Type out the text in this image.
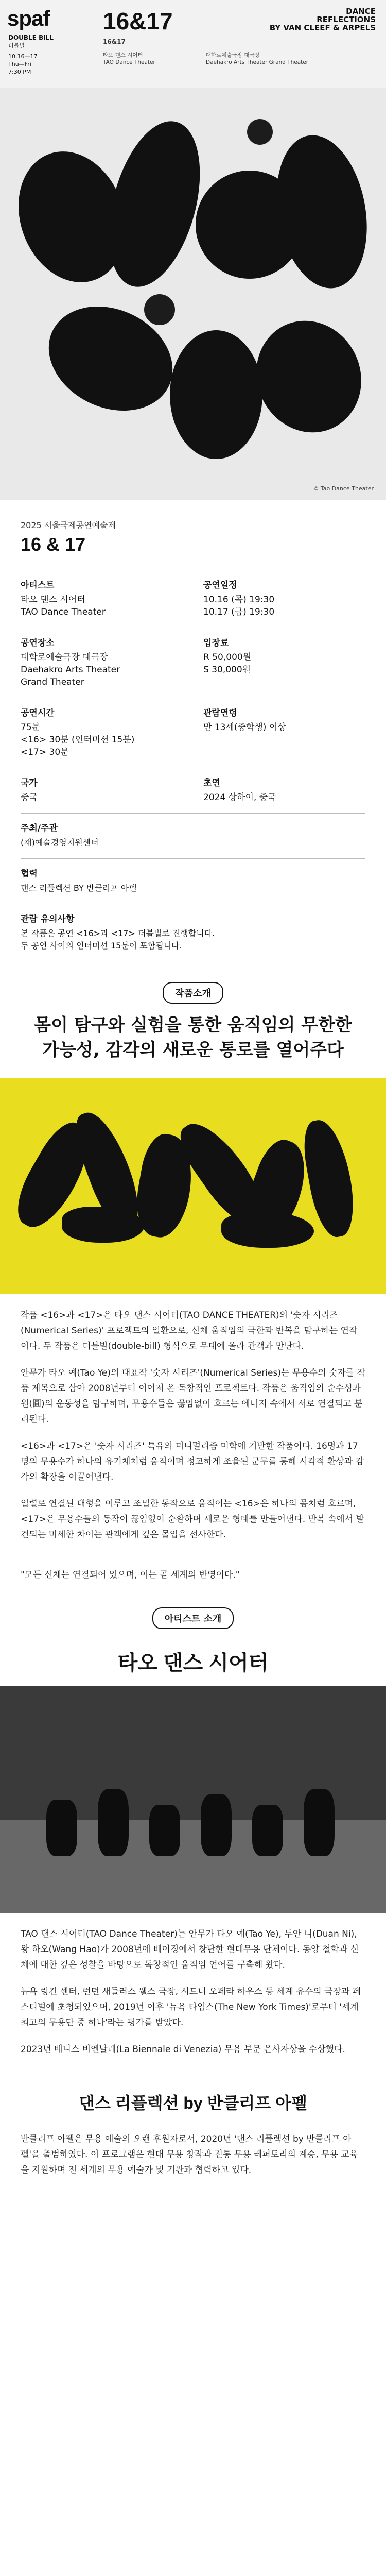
spaf
DOUBLE BILL
더블빌
10.16—17
Thu—Fri
7:30 PM
16&17
16&17
타오 댄스 시어터
TAO Dance Theater
대학로예술극장 대극장
Daehakro Arts Theater Grand Theater
DANCE
REFLECTIONS
BY VAN CLEEF & ARPELS
© Tao Dance Theater
2025 서울국제공연예술제
16 & 17
아티스트
타오 댄스 시어터
TAO Dance Theater
공연일정
10.16 (목) 19:30
10.17 (금) 19:30
공연장소
대학로예술극장 대극장
Daehakro Arts Theater
Grand Theater
입장료
R 50,000원
S 30,000원
공연시간
75분
<16> 30분 (인터미션 15분)
<17> 30분
관람연령
만 13세(중학생) 이상
국가
중국
초연
2024 상하이, 중국
주최/주관
(재)예술경영지원센터
협력
댄스 리플렉션 BY 반클리프 아펠
관람 유의사항
본 작품은 공연 <16>과 <17> 더블빌로 진행합니다.
두 공연 사이의 인터미션 15분이 포함됩니다.
작품소개
몸이 탐구와 실험을 통한 움직임의 무한한
가능성, 감각의 새로운 통로를 열어주다

작품 <16>과 <17>은 타오 댄스 시어터(TAO DANCE THEATER)의 '숫자 시리즈(Numerical Series)' 프로젝트의 일환으로, 신체 움직임의 극한과 반복을 탐구하는 연작이다. 두 작품은 더블빌(double-bill) 형식으로 무대에 올라 관객과 만난다.

안무가 타오 예(Tao Ye)의 대표작 '숫자 시리즈'(Numerical Series)는 무용수의 숫자를 작품 제목으로 삼아 2008년부터 이어져 온 독창적인 프로젝트다. 작품은 움직임의 순수성과 원(圓)의 운동성을 탐구하며, 무용수들은 끊임없이 흐르는 에너지 속에서 서로 연결되고 분리된다.

<16>과 <17>은 '숫자 시리즈' 특유의 미니멀리즘 미학에 기반한 작품이다. 16명과 17명의 무용수가 하나의 유기체처럼 움직이며 정교하게 조율된 군무를 통해 시각적 환상과 감각의 확장을 이끌어낸다.

일렬로 연결된 대형을 이루고 조밀한 동작으로 움직이는 <16>은 하나의 몸처럼 흐르며, <17>은 무용수들의 동작이 끊임없이 순환하며 새로운 형태를 만들어낸다. 반복 속에서 발견되는 미세한 차이는 관객에게 깊은 몰입을 선사한다.

"모든 신체는 연결되어 있으며, 이는 곧 세계의 반영이다."
아티스트 소개
타오 댄스 시어터

TAO 댄스 시어터(TAO Dance Theater)는 안무가 타오 예(Tao Ye), 두안 니(Duan Ni), 왕 하오(Wang Hao)가 2008년에 베이징에서 창단한 현대무용 단체이다. 동양 철학과 신체에 대한 깊은 성찰을 바탕으로 독창적인 움직임 언어를 구축해 왔다.

뉴욕 링컨 센터, 런던 새들러스 웰스 극장, 시드니 오페라 하우스 등 세계 유수의 극장과 페스티벌에 초청되었으며, 2019년 이후 '뉴욕 타임스(The New York Times)'로부터 '세계 최고의 무용단 중 하나'라는 평가를 받았다.

2023년 베니스 비엔날레(La Biennale di Venezia) 무용 부문 은사자상을 수상했다.

댄스 리플렉션 by 반클리프 아펠

반클리프 아펠은 무용 예술의 오랜 후원자로서, 2020년 '댄스 리플렉션 by 반클리프 아펠'을 출범하였다. 이 프로그램은 현대 무용 창작과 전통 무용 레퍼토리의 계승, 무용 교육을 지원하며 전 세계의 무용 예술가 및 기관과 협력하고 있다.
